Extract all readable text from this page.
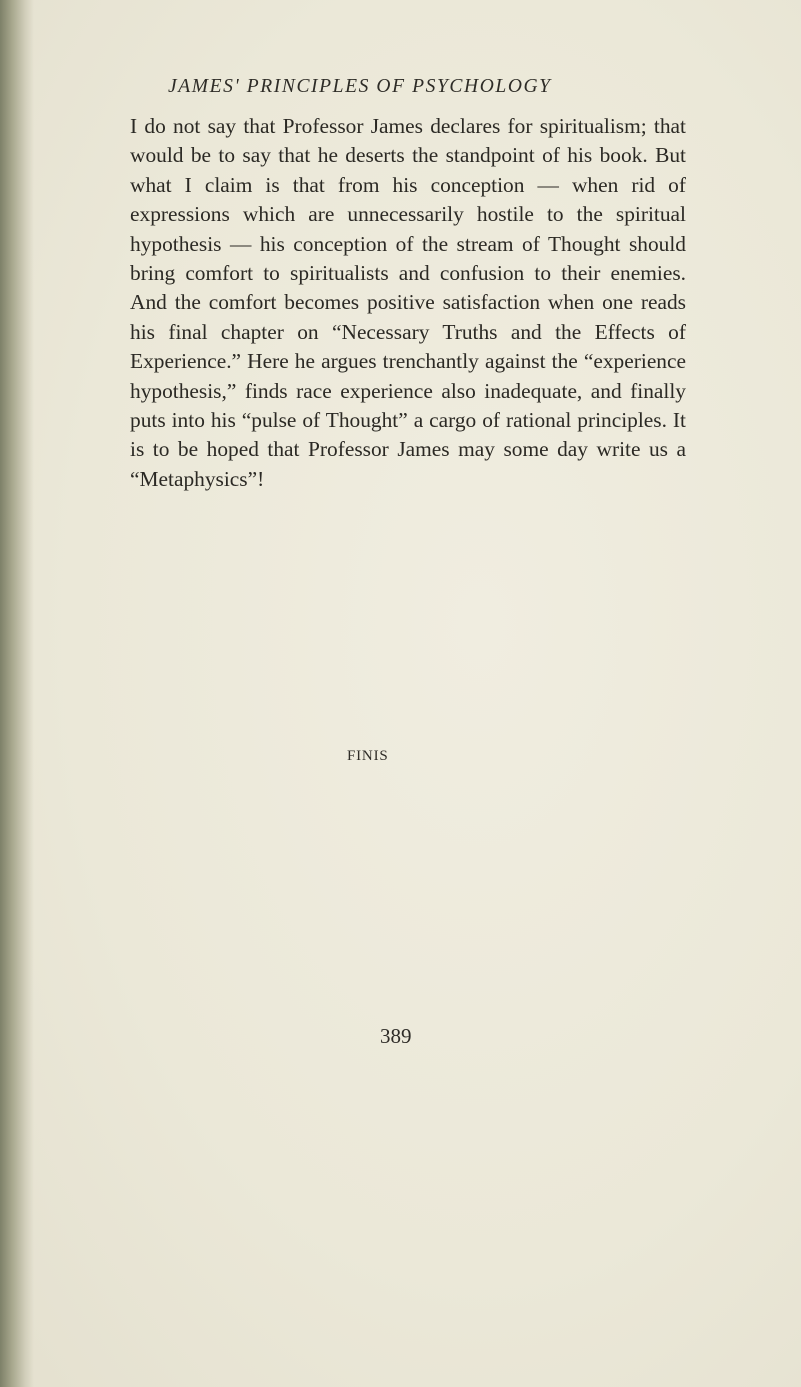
JAMES' PRINCIPLES OF PSYCHOLOGY

I do not say that Professor James declares for spiritualism; that would be to say that he deserts the standpoint of his book. But what I claim is that from his conception — when rid of expressions which are unnecessarily hostile to the spiritual hypothesis — his conception of the stream of Thought should bring comfort to spiritualists and confusion to their enemies. And the comfort becomes positive satisfaction when one reads his final chapter on “Necessary Truths and the Effects of Experience.” Here he argues trenchantly against the “experience hypothesis,” finds race experience also inadequate, and finally puts into his “pulse of Thought” a cargo of rational principles. It is to be hoped that Professor James may some day write us a “Metaphysics”!

FINIS
389
